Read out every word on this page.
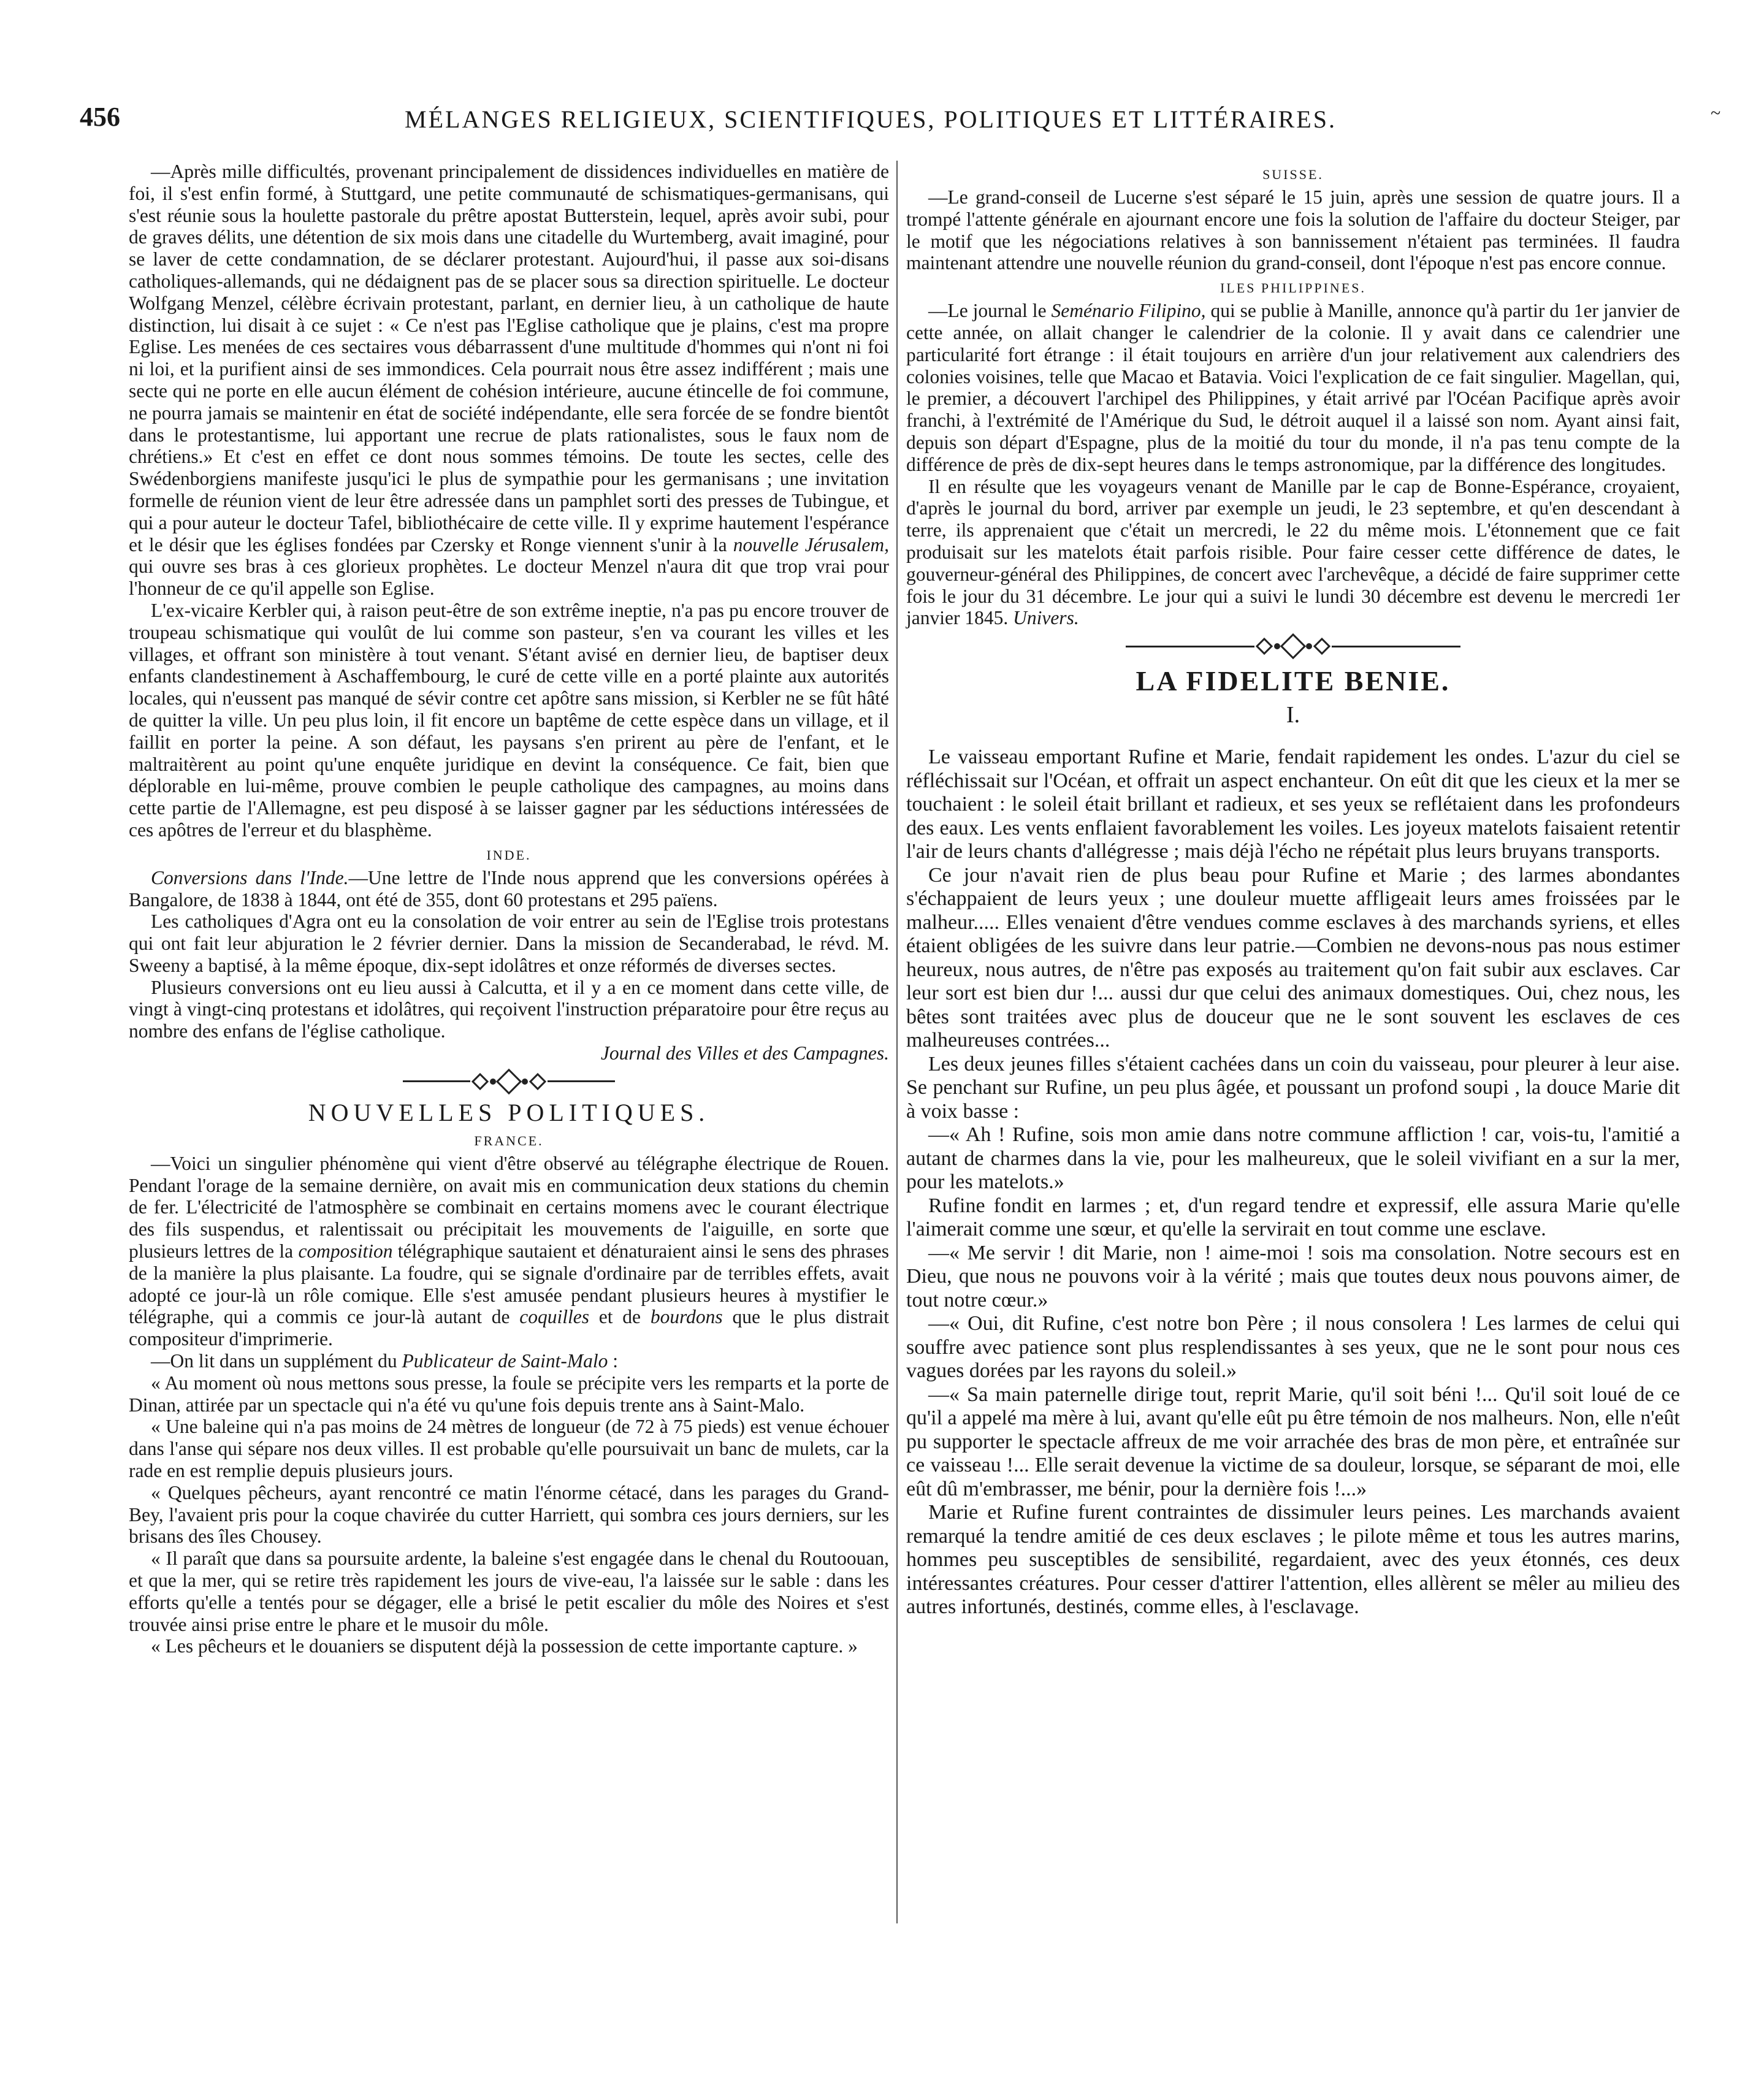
456	MÉLANGES RELIGIEUX, SCIENTIFIQUES, POLITIQUES ET LITTÉRAIRES.	~

—Après mille difficultés, provenant principalement de dissidences individuelles en matière de foi, il s'est enfin formé, à Stuttgard, une petite communauté de schismatiques-germanisans, qui s'est réunie sous la houlette pastorale du prêtre apostat Butterstein, lequel, après avoir subi, pour de graves délits, une détention de six mois dans une citadelle du Wurtemberg, avait imaginé, pour se laver de cette condamnation, de se déclarer protestant. Aujourd'hui, il passe aux soi-disans catholiques-allemands, qui ne dédaignent pas de se placer sous sa direction spirituelle. Le docteur Wolfgang Menzel, célèbre écrivain protestant, parlant, en dernier lieu, à un catholique de haute distinction, lui disait à ce sujet : « Ce n'est pas l'Eglise catholique que je plains, c'est ma propre Eglise. Les menées de ces sectaires vous débarrassent d'une multitude d'hommes qui n'ont ni foi ni loi, et la purifient ainsi de ses immondices. Cela pourrait nous être assez indifférent ; mais une secte qui ne porte en elle aucun élément de cohésion intérieure, aucune étincelle de foi commune, ne pourra jamais se maintenir en état de société indépendante, elle sera forcée de se fondre bientôt dans le protestantisme, lui apportant une recrue de plats rationalistes, sous le faux nom de chrétiens.» Et c'est en effet ce dont nous sommes témoins. De toute les sectes, celle des Swédenborgiens manifeste jusqu'ici le plus de sympathie pour les germanisans ; une invitation formelle de réunion vient de leur être adressée dans un pamphlet sorti des presses de Tubingue, et qui a pour auteur le docteur Tafel, bibliothécaire de cette ville. Il y exprime hautement l'espérance et le désir que les églises fondées par Czersky et Ronge viennent s'unir à la nouvelle Jérusalem, qui ouvre ses bras à ces glorieux prophètes. Le docteur Menzel n'aura dit que trop vrai pour l'honneur de ce qu'il appelle son Eglise.

L'ex-vicaire Kerbler qui, à raison peut-être de son extrême ineptie, n'a pas pu encore trouver de troupeau schismatique qui voulût de lui comme son pasteur, s'en va courant les villes et les villages, et offrant son ministère à tout venant. S'étant avisé en dernier lieu, de baptiser deux enfants clandestinement à Aschaffembourg, le curé de cette ville en a porté plainte aux autorités locales, qui n'eussent pas manqué de sévir contre cet apôtre sans mission, si Kerbler ne se fût hâté de quitter la ville. Un peu plus loin, il fit encore un baptême de cette espèce dans un village, et il faillit en porter la peine. A son défaut, les paysans s'en prirent au père de l'enfant, et le maltraitèrent au point qu'une enquête juridique en devint la conséquence. Ce fait, bien que déplorable en lui-même, prouve combien le peuple catholique des campagnes, au moins dans cette partie de l'Allemagne, est peu disposé à se laisser gagner par les séductions intéressées de ces apôtres de l'erreur et du blasphème.

INDE.

Conversions dans l'Inde.—Une lettre de l'Inde nous apprend que les conversions opérées à Bangalore, de 1838 à 1844, ont été de 355, dont 60 protestans et 295 païens.

Les catholiques d'Agra ont eu la consolation de voir entrer au sein de l'Eglise trois protestans qui ont fait leur abjuration le 2 février dernier. Dans la mission de Secanderabad, le révd. M. Sweeny a baptisé, à la même époque, dix-sept idolâtres et onze réformés de diverses sectes.

Plusieurs conversions ont eu lieu aussi à Calcutta, et il y a en ce moment dans cette ville, de vingt à vingt-cinq protestans et idolâtres, qui reçoivent l'instruction préparatoire pour être reçus au nombre des enfans de l'église catholique.

Journal des Villes et des Campagnes.

NOUVELLES POLITIQUES.
FRANCE.

—Voici un singulier phénomène qui vient d'être observé au télégraphe électrique de Rouen. Pendant l'orage de la semaine dernière, on avait mis en communication deux stations du chemin de fer. L'électricité de l'atmosphère se combinait en certains momens avec le courant électrique des fils suspendus, et ralentissait ou précipitait les mouvements de l'aiguille, en sorte que plusieurs lettres de la composition télégraphique sautaient et dénaturaient ainsi le sens des phrases de la manière la plus plaisante. La foudre, qui se signale d'ordinaire par de terribles effets, avait adopté ce jour-là un rôle comique. Elle s'est amusée pendant plusieurs heures à mystifier le télégraphe, qui a commis ce jour-là autant de coquilles et de bourdons que le plus distrait compositeur d'imprimerie.

—On lit dans un supplément du Publicateur de Saint-Malo :

« Au moment où nous mettons sous presse, la foule se précipite vers les remparts et la porte de Dinan, attirée par un spectacle qui n'a été vu qu'une fois depuis trente ans à Saint-Malo.

« Une baleine qui n'a pas moins de 24 mètres de longueur (de 72 à 75 pieds) est venue échouer dans l'anse qui sépare nos deux villes. Il est probable qu'elle poursuivait un banc de mulets, car la rade en est remplie depuis plusieurs jours.

« Quelques pêcheurs, ayant rencontré ce matin l'énorme cétacé, dans les parages du Grand-Bey, l'avaient pris pour la coque chavirée du cutter Harriett, qui sombra ces jours derniers, sur les brisans des îles Chousey.

« Il paraît que dans sa poursuite ardente, la baleine s'est engagée dans le chenal du Routoouan, et que la mer, qui se retire très rapidement les jours de vive-eau, l'a laissée sur le sable : dans les efforts qu'elle a tentés pour se dégager, elle a brisé le petit escalier du môle des Noires et s'est trouvée ainsi prise entre le phare et le musoir du môle.

« Les pêcheurs et le douaniers se disputent déjà la possession de cette importante capture. »

SUISSE.

—Le grand-conseil de Lucerne s'est séparé le 15 juin, après une session de quatre jours. Il a trompé l'attente générale en ajournant encore une fois la solution de l'affaire du docteur Steiger, par le motif que les négociations relatives à son bannissement n'étaient pas terminées. Il faudra maintenant attendre une nouvelle réunion du grand-conseil, dont l'époque n'est pas encore connue.

ILES PHILIPPINES.

—Le journal le Seménario Filipino, qui se publie à Manille, annonce qu'à partir du 1er janvier de cette année, on allait changer le calendrier de la colonie. Il y avait dans ce calendrier une particularité fort étrange : il était toujours en arrière d'un jour relativement aux calendriers des colonies voisines, telle que Macao et Batavia. Voici l'explication de ce fait singulier. Magellan, qui, le premier, a découvert l'archipel des Philippines, y était arrivé par l'Océan Pacifique après avoir franchi, à l'extrémité de l'Amérique du Sud, le détroit auquel il a laissé son nom. Ayant ainsi fait, depuis son départ d'Espagne, plus de la moitié du tour du monde, il n'a pas tenu compte de la différence de près de dix-sept heures dans le temps astronomique, par la différence des longitudes.

Il en résulte que les voyageurs venant de Manille par le cap de Bonne-Espérance, croyaient, d'après le journal du bord, arriver par exemple un jeudi, le 23 septembre, et qu'en descendant à terre, ils apprenaient que c'était un mercredi, le 22 du même mois. L'étonnement que ce fait produisait sur les matelots était parfois risible. Pour faire cesser cette différence de dates, le gouverneur-général des Philippines, de concert avec l'archevêque, a décidé de faire supprimer cette fois le jour du 31 décembre. Le jour qui a suivi le lundi 30 décembre est devenu le mercredi 1er janvier 1845. Univers.

LA FIDELITE BENIE.
I.

Le vaisseau emportant Rufine et Marie, fendait rapidement les ondes. L'azur du ciel se réfléchissait sur l'Océan, et offrait un aspect enchanteur. On eût dit que les cieux et la mer se touchaient : le soleil était brillant et radieux, et ses yeux se reflétaient dans les profondeurs des eaux. Les vents enflaient favorablement les voiles. Les joyeux matelots faisaient retentir l'air de leurs chants d'allégresse ; mais déjà l'écho ne répétait plus leurs bruyans transports.

Ce jour n'avait rien de plus beau pour Rufine et Marie ; des larmes abondantes s'échappaient de leurs yeux ; une douleur muette affligeait leurs ames froissées par le malheur..... Elles venaient d'être vendues comme esclaves à des marchands syriens, et elles étaient obligées de les suivre dans leur patrie.—Combien ne devons-nous pas nous estimer heureux, nous autres, de n'être pas exposés au traitement qu'on fait subir aux esclaves. Car leur sort est bien dur !... aussi dur que celui des animaux domestiques. Oui, chez nous, les bêtes sont traitées avec plus de douceur que ne le sont souvent les esclaves de ces malheureuses contrées...

Les deux jeunes filles s'étaient cachées dans un coin du vaisseau, pour pleurer à leur aise. Se penchant sur Rufine, un peu plus âgée, et poussant un profond soupi , la douce Marie dit à voix basse :

—« Ah ! Rufine, sois mon amie dans notre commune affliction ! car, vois-tu, l'amitié a autant de charmes dans la vie, pour les malheureux, que le soleil vivifiant en a sur la mer, pour les matelots.»

Rufine fondit en larmes ; et, d'un regard tendre et expressif, elle assura Marie qu'elle l'aimerait comme une sœur, et qu'elle la servirait en tout comme une esclave.

—« Me servir ! dit Marie, non ! aime-moi ! sois ma consolation. Notre secours est en Dieu, que nous ne pouvons voir à la vérité ; mais que toutes deux nous pouvons aimer, de tout notre cœur.»

—« Oui, dit Rufine, c'est notre bon Père ; il nous consolera ! Les larmes de celui qui souffre avec patience sont plus resplendissantes à ses yeux, que ne le sont pour nous ces vagues dorées par les rayons du soleil.»

—« Sa main paternelle dirige tout, reprit Marie, qu'il soit béni !... Qu'il soit loué de ce qu'il a appelé ma mère à lui, avant qu'elle eût pu être témoin de nos malheurs. Non, elle n'eût pu supporter le spectacle affreux de me voir arrachée des bras de mon père, et entraînée sur ce vaisseau !... Elle serait devenue la victime de sa douleur, lorsque, se séparant de moi, elle eût dû m'embrasser, me bénir, pour la dernière fois !...»

Marie et Rufine furent contraintes de dissimuler leurs peines. Les marchands avaient remarqué la tendre amitié de ces deux esclaves ; le pilote même et tous les autres marins, hommes peu susceptibles de sensibilité, regardaient, avec des yeux étonnés, ces deux intéressantes créatures. Pour cesser d'attirer l'attention, elles allèrent se mêler au milieu des autres infortunés, destinés, comme elles, à l'esclavage.
